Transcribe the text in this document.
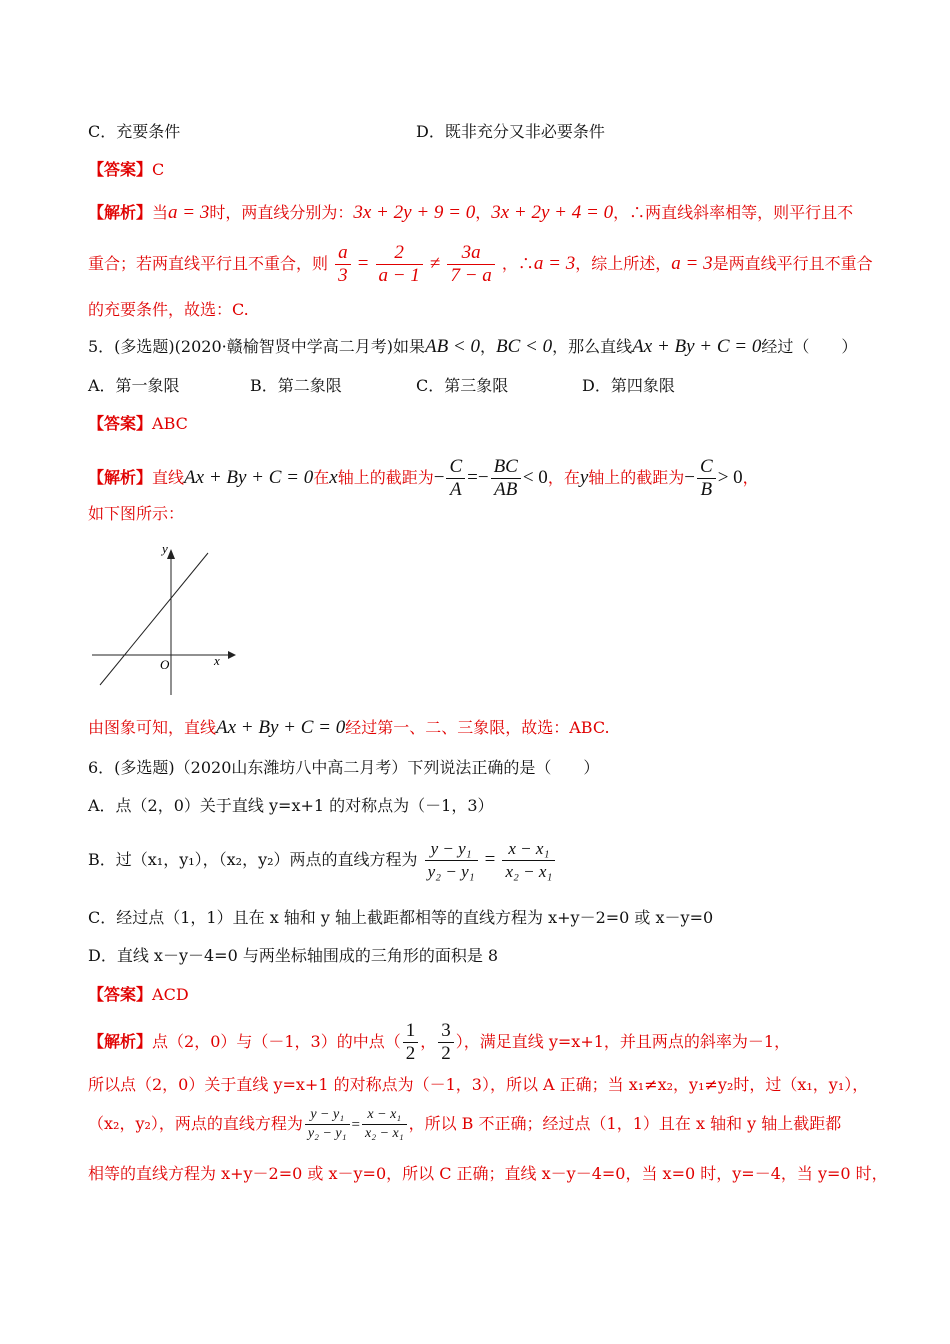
C．充要条件	D．既非充分又非必要条件
【答案】C
【解析】当a = 3时，两直线分别为：3x + 2y + 9 = 0，3x + 2y + 4 = 0，∴两直线斜率相等，则平行且不
重合；若两直线平行且不重合，则 $\frac{a}{3} = \frac{2}{a - 1} \ne \frac{3a}{7 - a}$ ，∴a = 3，综上所述，a = 3是两直线平行且不重合
的充要条件，故选：C.
5．(多选题)(2020·赣榆智贤中学高二月考)如果AB < 0，BC < 0，那么直线Ax + By + C = 0经过（　　）
A．第一象限	B．第二象限	C．第三象限	D．第四象限
【答案】ABC
【解析】直线Ax + By + C = 0在x轴上的截距为− $\frac{C}{A} =- \frac{BC}{AB} < 0$，在y轴上的截距为− $\frac{C}{B} > 0$，
如下图所示：
y
x
O
由图象可知，直线Ax + By + C = 0经过第一、二、三象限，故选：ABC.
6．(多选题)（2020山东潍坊八中高二月考）下列说法正确的是（　　）
A．点（2，0）关于直线 y=x+1 的对称点为（－1，3）
B．过（x₁，y₁），（x₂，y₂）两点的直线方程为 $\frac{\text{y − y₁}}{\text{y₂ − y₁}} = \frac{\text{x − x₁}}{\text{x₂ − x₁}}$
C．经过点（1，1）且在 x 轴和 y 轴上截距都相等的直线方程为 x+y－2=0 或 x－y=0
D．直线 x－y－4=0 与两坐标轴围成的三角形的面积是 8
【答案】ACD
【解析】点（2，0）与（－1，3）的中点（ $\frac{1}{2}$ ， $\frac{3}{2}$ ），满足直线 y=x+1，并且两点的斜率为－1，
所以点（2，0）关于直线 y=x+1 的对称点为（－1，3），所以 A 正确；当 x₁≠x₂，y₁≠y₂时，过（x₁，y₁），
（x₂，y₂），两点的直线方程为 $\frac{\text{y − y₁}}{\text{y₂ − y₁}} = \frac{\text{x − x₁}}{\text{x₂ − x₁}}$ ，所以 B 不正确；经过点（1，1）且在 x 轴和 y 轴上截距都
相等的直线方程为 x+y－2=0 或 x－y=0，所以 C 正确；直线 x－y－4=0，当 x=0 时，y=－4，当 y=0 时，
